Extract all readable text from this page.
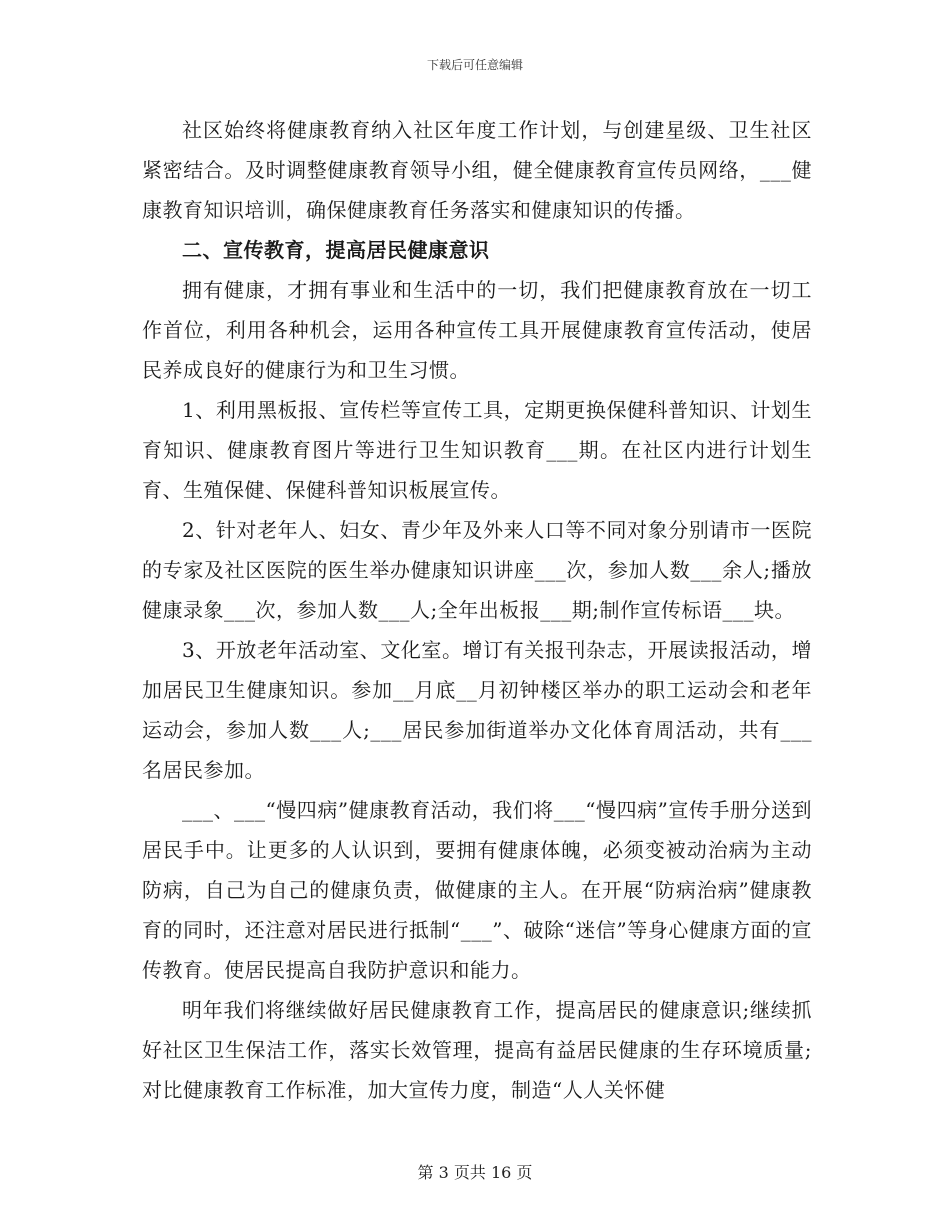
下载后可任意编辑

社区始终将健康教育纳入社区年度工作计划，与创建星级、卫生社区紧密结合。及时调整健康教育领导小组，健全健康教育宣传员网络，___健康教育知识培训，确保健康教育任务落实和健康知识的传播。

二、宣传教育，提高居民健康意识

拥有健康，才拥有事业和生活中的一切，我们把健康教育放在一切工作首位，利用各种机会，运用各种宣传工具开展健康教育宣传活动，使居民养成良好的健康行为和卫生习惯。

1、利用黑板报、宣传栏等宣传工具，定期更换保健科普知识、计划生育知识、健康教育图片等进行卫生知识教育___期。在社区内进行计划生育、生殖保健、保健科普知识板展宣传。

2、针对老年人、妇女、青少年及外来人口等不同对象分别请市一医院的专家及社区医院的医生举办健康知识讲座___次，参加人数___余人;播放健康录象___次，参加人数___人;全年出板报___期;制作宣传标语___块。

3、开放老年活动室、文化室。增订有关报刊杂志，开展读报活动，增加居民卫生健康知识。参加__月底__月初钟楼区举办的职工运动会和老年运动会，参加人数___人;___居民参加街道举办文化体育周活动，共有___名居民参加。

___、___“慢四病”健康教育活动，我们将___“慢四病”宣传手册分送到居民手中。让更多的人认识到，要拥有健康体魄，必须变被动治病为主动防病，自己为自己的健康负责，做健康的主人。在开展“防病治病”健康教育的同时，还注意对居民进行抵制“___”、破除“迷信”等身心健康方面的宣传教育。使居民提高自我防护意识和能力。

明年我们将继续做好居民健康教育工作，提高居民的健康意识;继续抓好社区卫生保洁工作，落实长效管理，提高有益居民健康的生存环境质量;对比健康教育工作标准，加大宣传力度，制造“人人关怀健

第 3 页共 16 页
